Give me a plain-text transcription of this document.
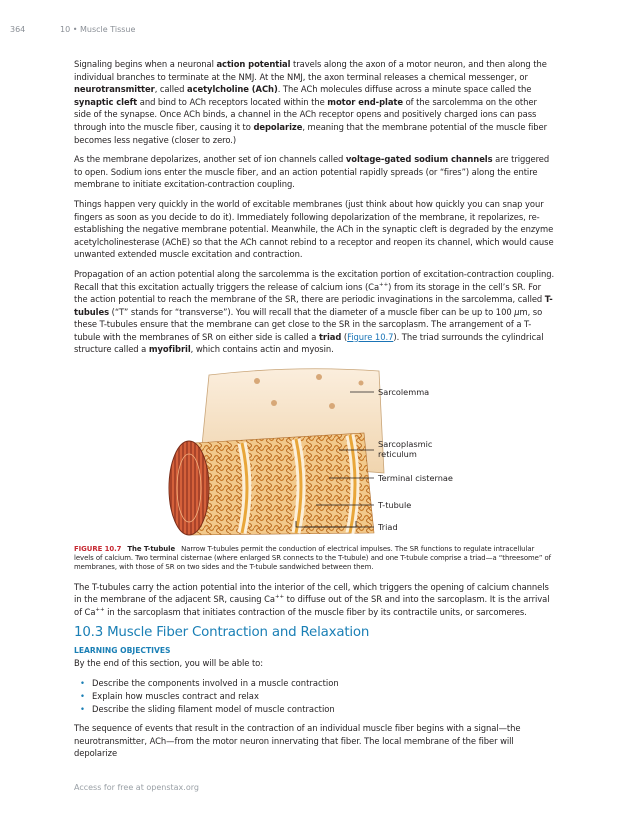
364	10 • Muscle Tissue

Signaling begins when a neuronal action potential travels along the axon of a motor neuron, and then along the individual branches to terminate at the NMJ. At the NMJ, the axon terminal releases a chemical messenger, or neurotransmitter, called acetylcholine (ACh). The ACh molecules diffuse across a minute space called the synaptic cleft and bind to ACh receptors located within the motor end-plate of the sarcolemma on the other side of the synapse. Once ACh binds, a channel in the ACh receptor opens and positively charged ions can pass through into the muscle fiber, causing it to depolarize, meaning that the membrane potential of the muscle fiber becomes less negative (closer to zero.)

As the membrane depolarizes, another set of ion channels called voltage-gated sodium channels are triggered to open. Sodium ions enter the muscle fiber, and an action potential rapidly spreads (or “fires”) along the entire membrane to initiate excitation-contraction coupling.

Things happen very quickly in the world of excitable membranes (just think about how quickly you can snap your fingers as soon as you decide to do it). Immediately following depolarization of the membrane, it repolarizes, re-establishing the negative membrane potential. Meanwhile, the ACh in the synaptic cleft is degraded by the enzyme acetylcholinesterase (AChE) so that the ACh cannot rebind to a receptor and reopen its channel, which would cause unwanted extended muscle excitation and contraction.

Propagation of an action potential along the sarcolemma is the excitation portion of excitation-contraction coupling. Recall that this excitation actually triggers the release of calcium ions (Ca++) from its storage in the cell’s SR. For the action potential to reach the membrane of the SR, there are periodic invaginations in the sarcolemma, called T-tubules (“T” stands for “transverse”). You will recall that the diameter of a muscle fiber can be up to 100 μm, so these T-tubules ensure that the membrane can get close to the SR in the sarcoplasm. The arrangement of a T-tubule with the membranes of SR on either side is called a triad (Figure 10.7). The triad surrounds the cylindrical structure called a myofibril, which contains actin and myosin.

Sarcolemma
Sarcoplasmic
reticulum
Terminal cisternae
T-tubule
Triad

FIGURE 10.7 The T-tubule Narrow T-tubules permit the conduction of electrical impulses. The SR functions to regulate intracellular levels of calcium. Two terminal cisternae (where enlarged SR connects to the T-tubule) and one T-tubule comprise a triad—a “threesome” of membranes, with those of SR on two sides and the T-tubule sandwiched between them.

The T-tubules carry the action potential into the interior of the cell, which triggers the opening of calcium channels in the membrane of the adjacent SR, causing Ca++ to diffuse out of the SR and into the sarcoplasm. It is the arrival of Ca++ in the sarcoplasm that initiates contraction of the muscle fiber by its contractile units, or sarcomeres.

10.3 Muscle Fiber Contraction and Relaxation
LEARNING OBJECTIVES

By the end of this section, you will be able to:

• Describe the components involved in a muscle contraction
• Explain how muscles contract and relax
• Describe the sliding filament model of muscle contraction

The sequence of events that result in the contraction of an individual muscle fiber begins with a signal—the neurotransmitter, ACh—from the motor neuron innervating that fiber. The local membrane of the fiber will depolarize

Access for free at openstax.org
